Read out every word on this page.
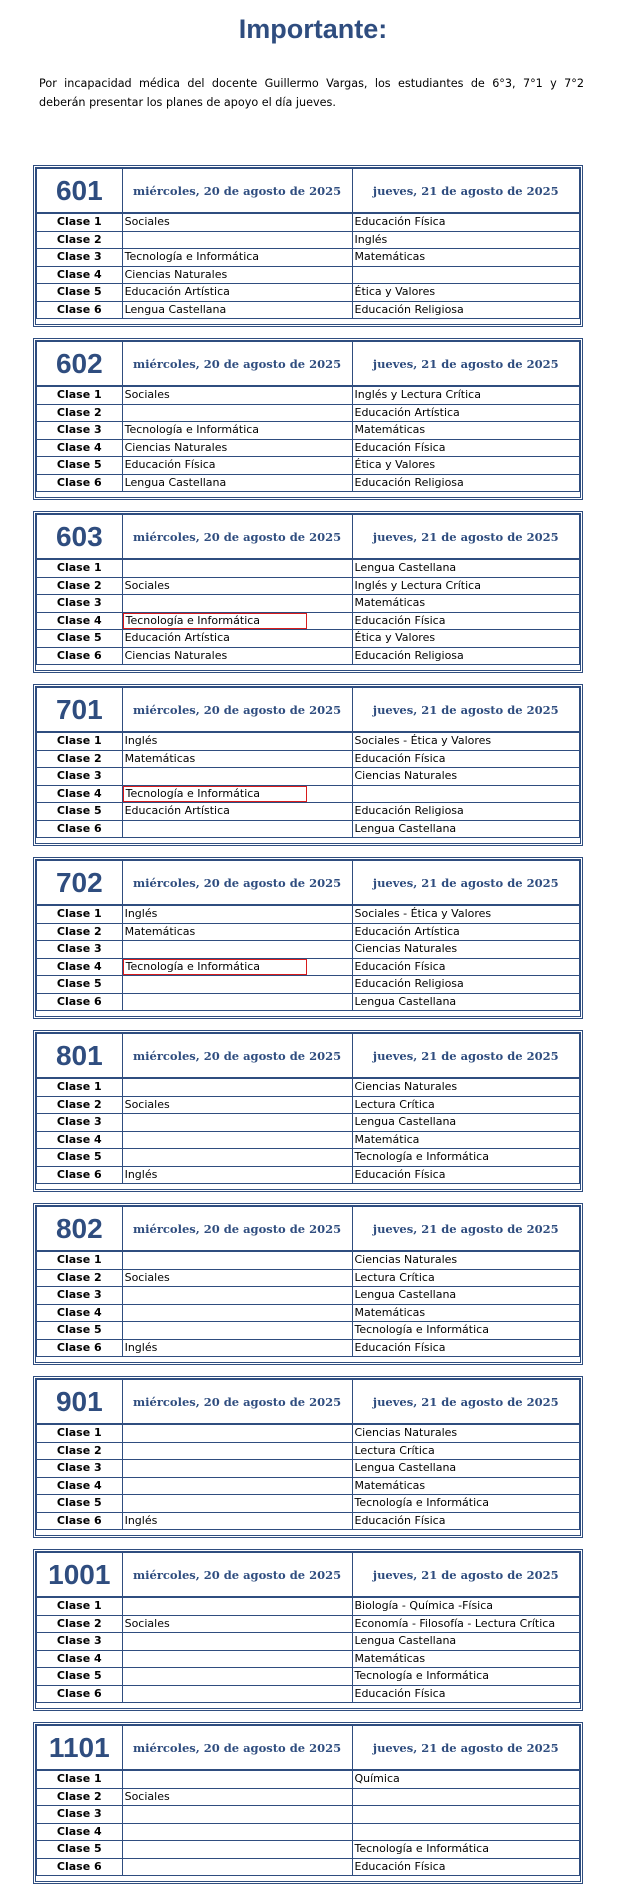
Importante:

Por incapacidad médica del docente Guillermo Vargas, los estudiantes de 6°3, 7°1 y 7°2 deberán presentar los planes de apoyo el día jueves.

601	miércoles, 20 de agosto de 2025	jueves, 21 de agosto de 2025
Clase 1	Sociales	Educación Física
Clase 2		Inglés
Clase 3	Tecnología e Informática	Matemáticas
Clase 4	Ciencias Naturales	
Clase 5	Educación Artística	Ética y Valores
Clase 6	Lengua Castellana	Educación Religiosa
602	miércoles, 20 de agosto de 2025	jueves, 21 de agosto de 2025
Clase 1	Sociales	Inglés y Lectura Crítica
Clase 2		Educación Artística
Clase 3	Tecnología e Informática	Matemáticas
Clase 4	Ciencias Naturales	Educación Física
Clase 5	Educación Física	Ética y Valores
Clase 6	Lengua Castellana	Educación Religiosa
603	miércoles, 20 de agosto de 2025	jueves, 21 de agosto de 2025
Clase 1		Lengua Castellana
Clase 2	Sociales	Inglés y Lectura Crítica
Clase 3		Matemáticas
Clase 4	Tecnología e Informática	Educación Física
Clase 5	Educación Artística	Ética y Valores
Clase 6	Ciencias Naturales	Educación Religiosa
701	miércoles, 20 de agosto de 2025	jueves, 21 de agosto de 2025
Clase 1	Inglés	Sociales - Ética y Valores
Clase 2	Matemáticas	Educación Física
Clase 3		Ciencias Naturales
Clase 4	Tecnología e Informática	
Clase 5	Educación Artística	Educación Religiosa
Clase 6		Lengua Castellana
702	miércoles, 20 de agosto de 2025	jueves, 21 de agosto de 2025
Clase 1	Inglés	Sociales - Ética y Valores
Clase 2	Matemáticas	Educación Artística
Clase 3		Ciencias Naturales
Clase 4	Tecnología e Informática	Educación Física
Clase 5		Educación Religiosa
Clase 6		Lengua Castellana
801	miércoles, 20 de agosto de 2025	jueves, 21 de agosto de 2025
Clase 1		Ciencias Naturales
Clase 2	Sociales	Lectura Crítica
Clase 3		Lengua Castellana
Clase 4		Matemática
Clase 5		Tecnología e Informática
Clase 6	Inglés	Educación Física
802	miércoles, 20 de agosto de 2025	jueves, 21 de agosto de 2025
Clase 1		Ciencias Naturales
Clase 2	Sociales	Lectura Crítica
Clase 3		Lengua Castellana
Clase 4		Matemáticas
Clase 5		Tecnología e Informática
Clase 6	Inglés	Educación Física
901	miércoles, 20 de agosto de 2025	jueves, 21 de agosto de 2025
Clase 1		Ciencias Naturales
Clase 2		Lectura Crítica
Clase 3		Lengua Castellana
Clase 4		Matemáticas
Clase 5		Tecnología e Informática
Clase 6	Inglés	Educación Física
1001	miércoles, 20 de agosto de 2025	jueves, 21 de agosto de 2025
Clase 1		Biología - Química -Física
Clase 2	Sociales	Economía - Filosofía - Lectura Crítica
Clase 3		Lengua Castellana
Clase 4		Matemáticas
Clase 5		Tecnología e Informática
Clase 6		Educación Física
1101	miércoles, 20 de agosto de 2025	jueves, 21 de agosto de 2025
Clase 1		Química
Clase 2	Sociales	
Clase 3		
Clase 4		
Clase 5		Tecnología e Informática
Clase 6		Educación Física
